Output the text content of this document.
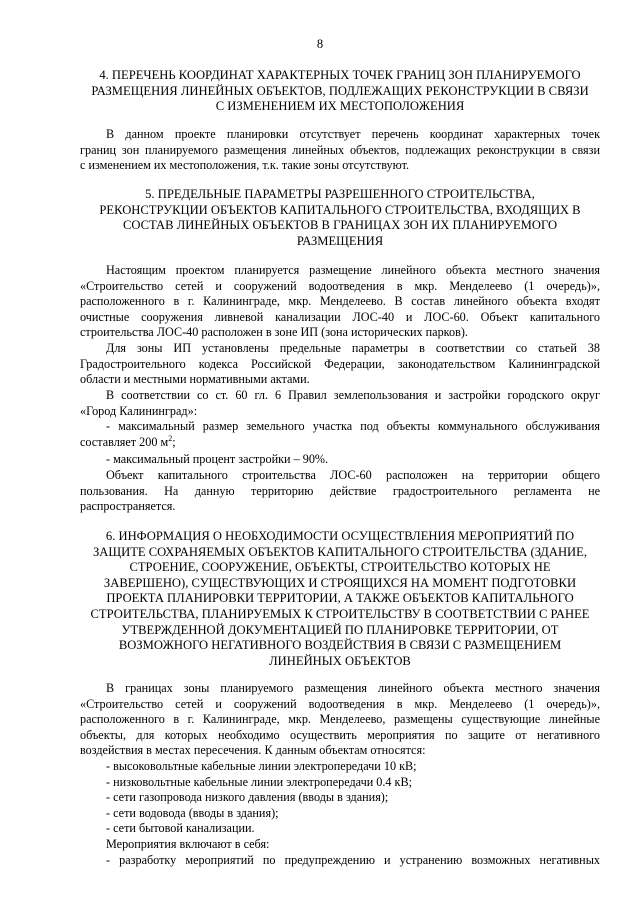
8
4. ПЕРЕЧЕНЬ КООРДИНАТ ХАРАКТЕРНЫХ ТОЧЕК ГРАНИЦ ЗОН ПЛАНИРУЕМОГО
РАЗМЕЩЕНИЯ ЛИНЕЙНЫХ ОБЪЕКТОВ, ПОДЛЕЖАЩИХ РЕКОНСТРУКЦИИ В СВЯЗИ
С ИЗМЕНЕНИЕМ ИХ МЕСТОПОЛОЖЕНИЯ
В данном проекте планировки отсутствует перечень координат характерных точек
границ зон планируемого размещения линейных объектов, подлежащих реконструкции в связи
с изменением их местоположения, т.к. такие зоны отсутствуют.
5. ПРЕДЕЛЬНЫЕ ПАРАМЕТРЫ РАЗРЕШЕННОГО СТРОИТЕЛЬСТВА,
РЕКОНСТРУКЦИИ ОБЪЕКТОВ КАПИТАЛЬНОГО СТРОИТЕЛЬСТВА, ВХОДЯЩИХ В
СОСТАВ ЛИНЕЙНЫХ ОБЪЕКТОВ В ГРАНИЦАХ ЗОН ИХ ПЛАНИРУЕМОГО
РАЗМЕЩЕНИЯ
Настоящим проектом планируется размещение линейного объекта местного значения
«Строительство сетей и сооружений водоотведения в мкр. Менделеево (1 очередь)»,
расположенного в г. Калининграде, мкр. Менделеево. В состав линейного объекта входят
очистные сооружения ливневой канализации ЛОС-40 и ЛОС-60. Объект капитального
строительства ЛОС-40 расположен в зоне ИП (зона исторических парков).
Для зоны ИП установлены предельные параметры в соответствии со статьей 38
Градостроительного кодекса Российской Федерации, законодательством Калининградской
области и местными нормативными актами.
В соответствии со ст. 60 гл. 6 Правил землепользования и застройки городского округ
«Город Калининград»:
- максимальный размер земельного участка под объекты коммунального обслуживания
составляет 200 $м^2$;
- максимальный процент застройки – 90%.
Объект капитального строительства ЛОС-60 расположен на территории общего
пользования. На данную территорию действие градостроительного регламента не
распространяется.
6. ИНФОРМАЦИЯ О НЕОБХОДИМОСТИ ОСУЩЕСТВЛЕНИЯ МЕРОПРИЯТИЙ ПО
ЗАЩИТЕ СОХРАНЯЕМЫХ ОБЪЕКТОВ КАПИТАЛЬНОГО СТРОИТЕЛЬСТВА (ЗДАНИЕ,
СТРОЕНИЕ, СООРУЖЕНИЕ, ОБЪЕКТЫ, СТРОИТЕЛЬСТВО КОТОРЫХ НЕ
ЗАВЕРШЕНО), СУЩЕСТВУЮЩИХ И СТРОЯЩИХСЯ НА МОМЕНТ ПОДГОТОВКИ
ПРОЕКТА ПЛАНИРОВКИ ТЕРРИТОРИИ, А ТАКЖЕ ОБЪЕКТОВ КАПИТАЛЬНОГО
СТРОИТЕЛЬСТВА, ПЛАНИРУЕМЫХ К СТРОИТЕЛЬСТВУ В СООТВЕТСТВИИ С РАНЕЕ
УТВЕРЖДЕННОЙ ДОКУМЕНТАЦИЕЙ ПО ПЛАНИРОВКЕ ТЕРРИТОРИИ, ОТ
ВОЗМОЖНОГО НЕГАТИВНОГО ВОЗДЕЙСТВИЯ В СВЯЗИ С РАЗМЕЩЕНИЕМ
ЛИНЕЙНЫХ ОБЪЕКТОВ
В границах зоны планируемого размещения линейного объекта местного значения
«Строительство сетей и сооружений водоотведения в мкр. Менделеево (1 очередь)»,
расположенного в г. Калининграде, мкр. Менделеево, размещены существующие линейные
объекты, для которых необходимо осуществить мероприятия по защите от негативного
воздействия в местах пересечения. К данным объектам относятся:
- высоковольтные кабельные линии электропередачи 10 кВ;
- низковольтные кабельные линии электропередачи 0.4 кВ;
- сети газопровода низкого давления (вводы в здания);
- сети водовода (вводы в здания);
- сети бытовой канализации.
Мероприятия включают в себя:
- разработку мероприятий по предупреждению и устранению возможных негативных
